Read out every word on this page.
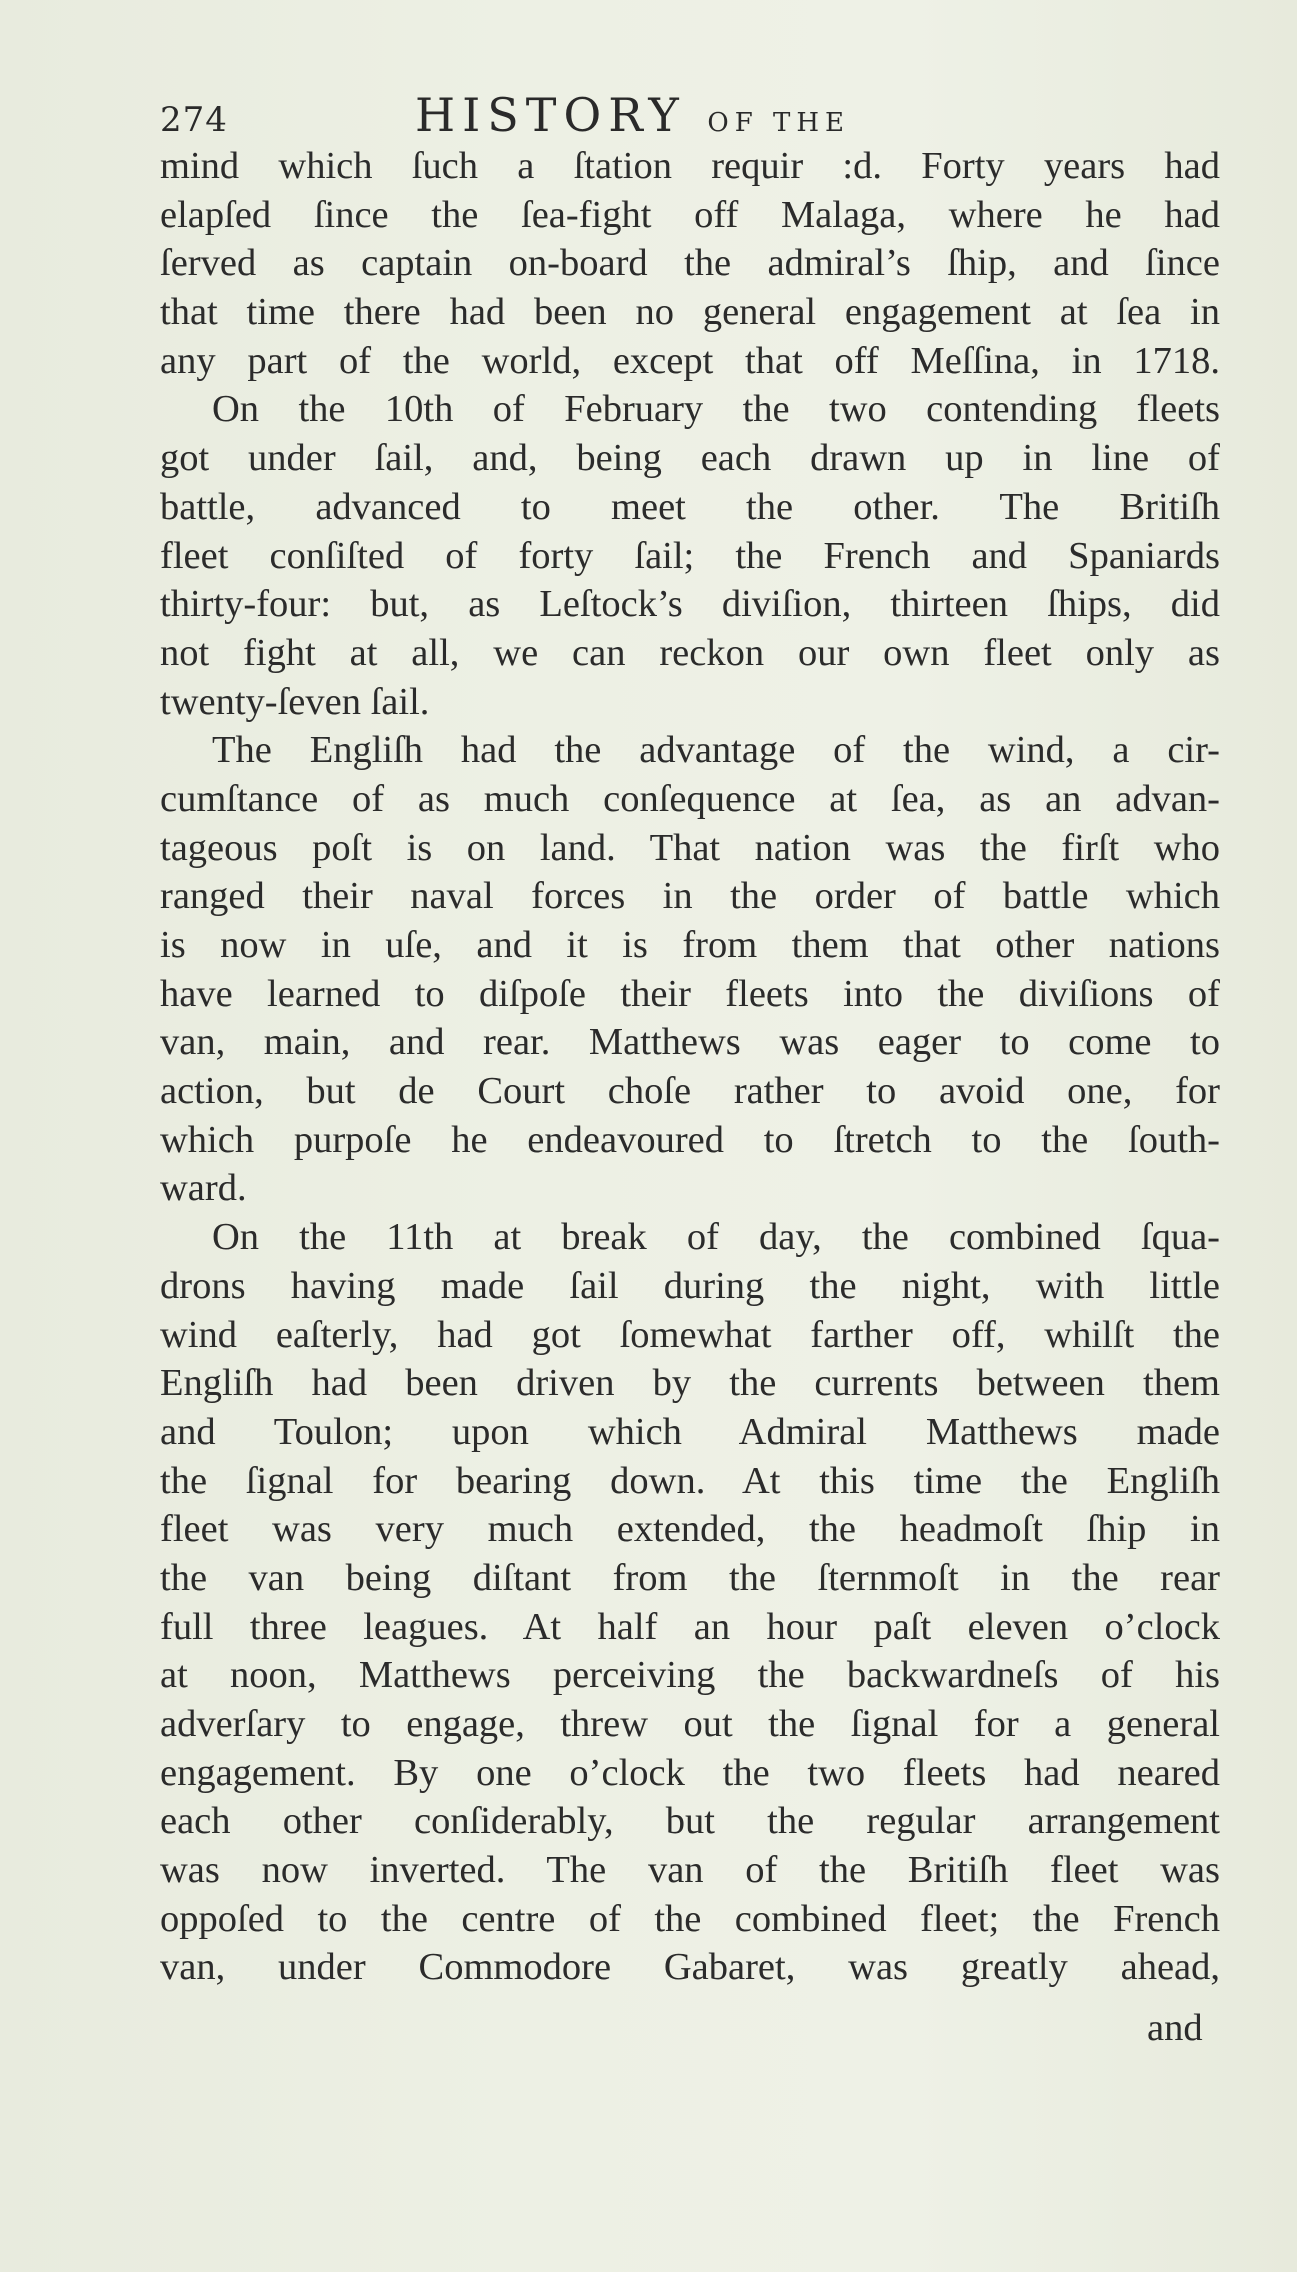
274	HISTORY OF THE
mind which ſuch a ſtation requir :d. Forty years had
elapſed ſince the ſea-fight off Malaga, where he had
ſerved as captain on-board the admiral’s ſhip, and ſince
that time there had been no general engagement at ſea in
any part of the world, except that off Meſſina, in 1718.
On the 10th of February the two contending fleets
got under ſail, and, being each drawn up in line of
battle, advanced to meet the other. The Britiſh
fleet conſiſted of forty ſail; the French and Spaniards
thirty-four: but, as Leſtock’s diviſion, thirteen ſhips, did
not fight at all, we can reckon our own fleet only as
twenty-ſeven ſail.
The Engliſh had the advantage of the wind, a cir-
cumſtance of as much conſequence at ſea, as an advan-
tageous poſt is on land. That nation was the firſt who
ranged their naval forces in the order of battle which
is now in uſe, and it is from them that other nations
have learned to diſpoſe their fleets into the diviſions of
van, main, and rear. Matthews was eager to come to
action, but de Court choſe rather to avoid one, for
which purpoſe he endeavoured to ſtretch to the ſouth-
ward.
On the 11th at break of day, the combined ſqua-
drons having made ſail during the night, with little
wind eaſterly, had got ſomewhat farther off, whilſt the
Engliſh had been driven by the currents between them
and Toulon; upon which Admiral Matthews made
the ſignal for bearing down. At this time the Engliſh
fleet was very much extended, the headmoſt ſhip in
the van being diſtant from the ſternmoſt in the rear
full three leagues. At half an hour paſt eleven o’clock
at noon, Matthews perceiving the backwardneſs of his
adverſary to engage, threw out the ſignal for a general
engagement. By one o’clock the two fleets had neared
each other conſiderably, but the regular arrangement
was now inverted. The van of the Britiſh fleet was
oppoſed to the centre of the combined fleet; the French
van, under Commodore Gabaret, was greatly ahead,
and
